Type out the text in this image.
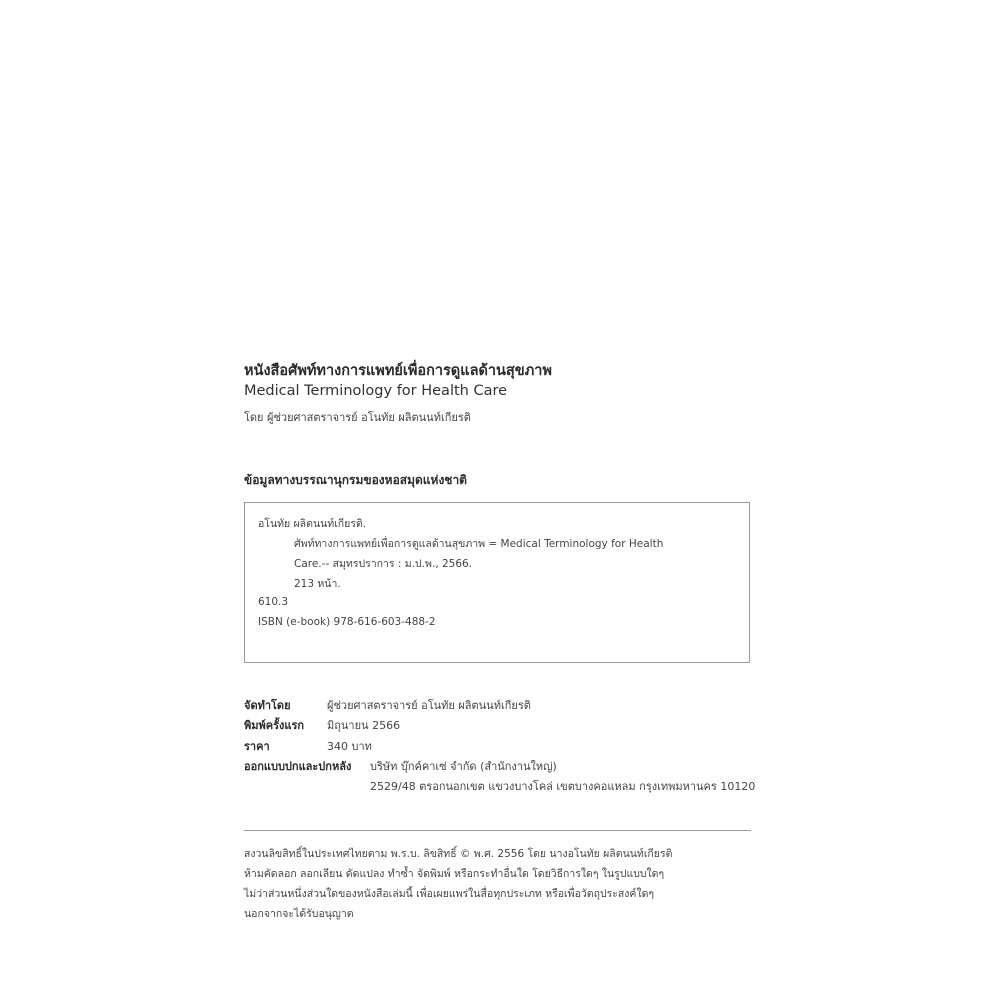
หนังสือศัพท์ทางการแพทย์เพื่อการดูแลด้านสุขภาพ
Medical Terminology for Health Care
โดย ผู้ช่วยศาสตราจารย์ อโนทัย ผลิตนนท์เกียรติ
ข้อมูลทางบรรณานุกรมของหอสมุดแห่งชาติ
อโนทัย ผลิตนนท์เกียรติ.
ศัพท์ทางการแพทย์เพื่อการดูแลด้านสุขภาพ = Medical Terminology for Health
Care.-- สมุทรปราการ : ม.ป.พ., 2566.
213 หน้า.
610.3
ISBN (e-book) 978-616-603-488-2
จัดทำโดย	ผู้ช่วยศาสตราจารย์ อโนทัย ผลิตนนท์เกียรติ
พิมพ์ครั้งแรก มิถุนายน 2566
ราคา	340 บาท
ออกแบบปกและปกหลัง บริษัท บุ๊กค์คาเซ่ จำกัด (สำนักงานใหญ่)
2529/48 ตรอกนอกเขต แขวงบางโคล่ เขตบางคอแหลม กรุงเทพมหานคร 10120
สงวนลิขสิทธิ์ในประเทศไทยตาม พ.ร.บ. ลิขสิทธิ์ © พ.ศ. 2556 โดย นางอโนทัย ผลิตนนท์เกียรติ
ห้ามคัดลอก ลอกเลียน ดัดแปลง ทำซ้ำ จัดพิมพ์ หรือกระทำอื่นใด โดยวิธีการใดๆ ในรูปแบบใดๆ
ไม่ว่าส่วนหนึ่งส่วนใดของหนังสือเล่มนี้ เพื่อเผยแพร่ในสื่อทุกประเภท หรือเพื่อวัตถุประสงค์ใดๆ
นอกจากจะได้รับอนุญาต
